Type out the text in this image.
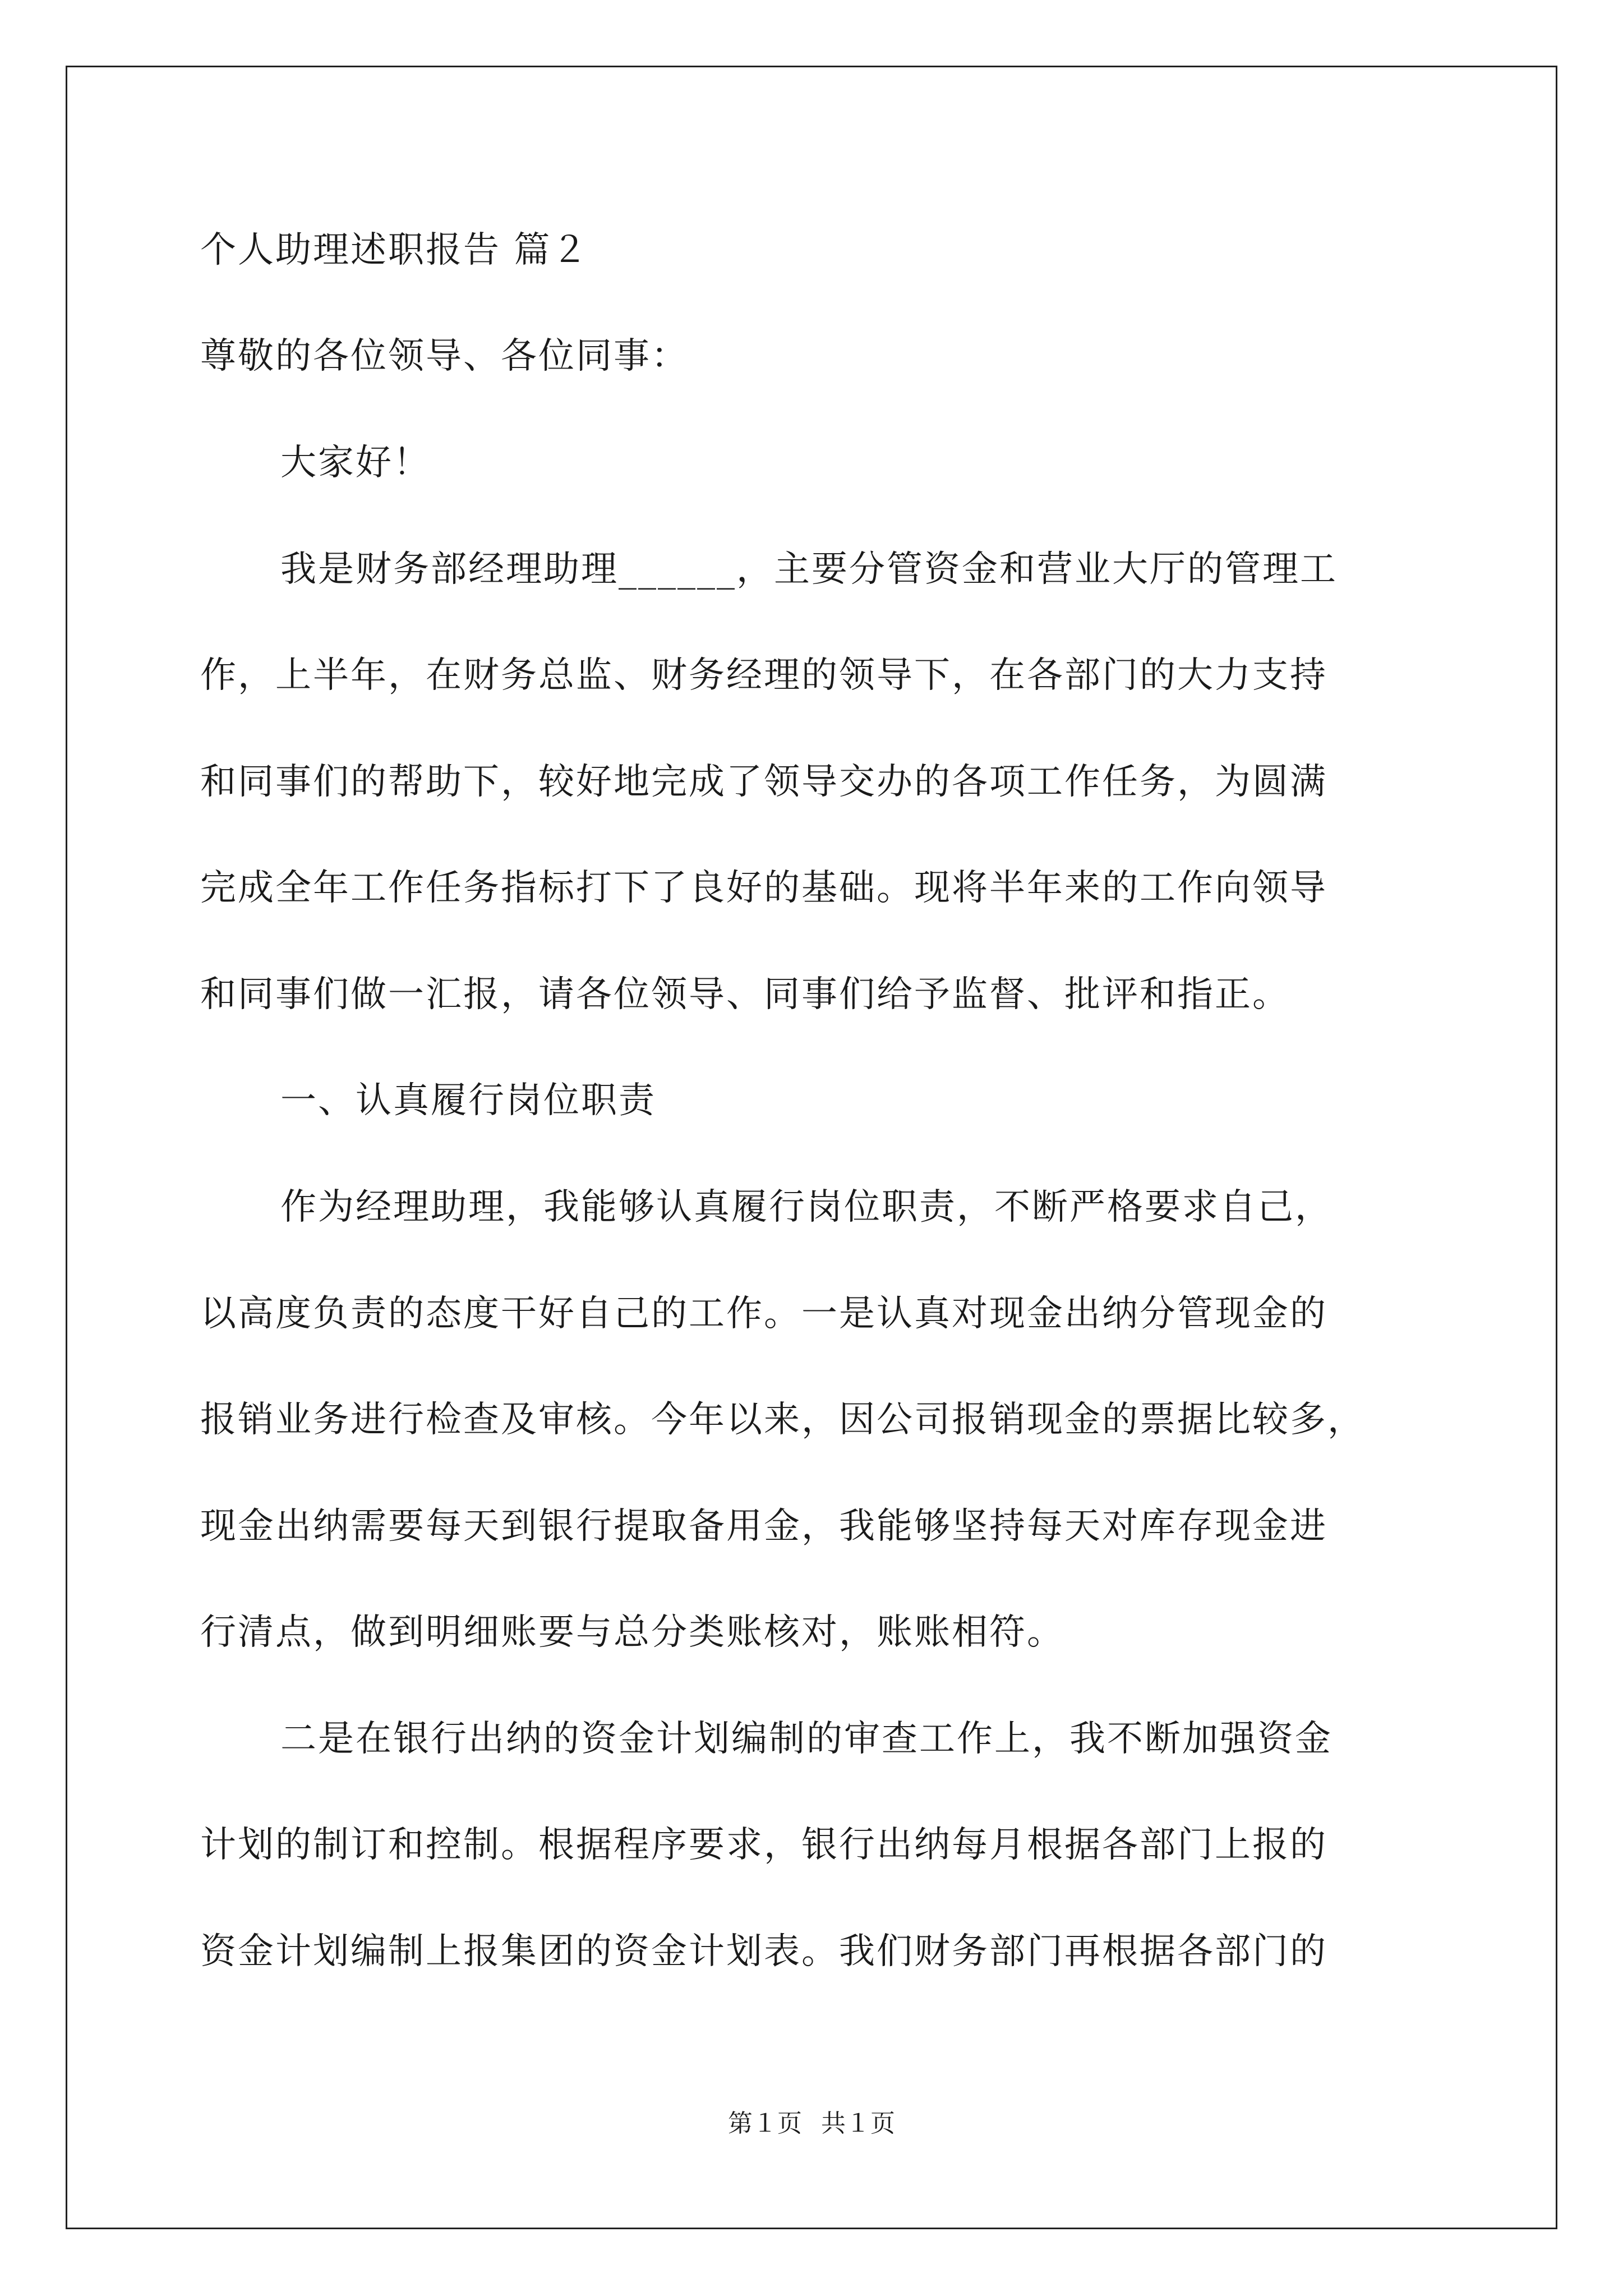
个人助理述职报告 篇２
尊敬的各位领导、各位同事：
大家好！
我是财务部经理助理______，主要分管资金和营业大厅的管理工
作，上半年，在财务总监、财务经理的领导下，在各部门的大力支持
和同事们的帮助下，较好地完成了领导交办的各项工作任务，为圆满
完成全年工作任务指标打下了良好的基础。现将半年来的工作向领导
和同事们做一汇报，请各位领导、同事们给予监督、批评和指正。
一、认真履行岗位职责
作为经理助理，我能够认真履行岗位职责，不断严格要求自己，
以高度负责的态度干好自己的工作。一是认真对现金出纳分管现金的
报销业务进行检查及审核。今年以来，因公司报销现金的票据比较多，
现金出纳需要每天到银行提取备用金，我能够坚持每天对库存现金进
行清点，做到明细账要与总分类账核对，账账相符。
二是在银行出纳的资金计划编制的审查工作上，我不断加强资金
计划的制订和控制。根据程序要求，银行出纳每月根据各部门上报的
资金计划编制上报集团的资金计划表。我们财务部门再根据各部门的
第１页 共１页
